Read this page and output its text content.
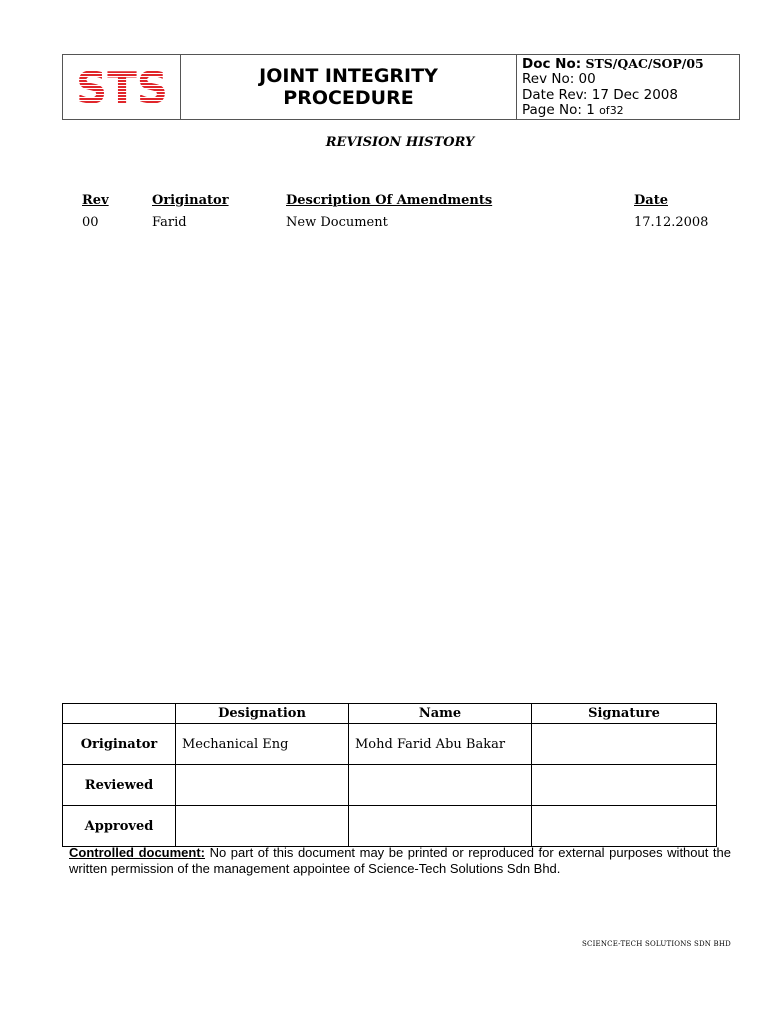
STS	JOINT INTEGRITY
PROCEDURE

Doc No: STS/QAC/SOP/05
Rev No: 00
Date Rev: 17 Dec 2008
Page No: 1 of32
REVISION HISTORY
Rev	Originator	Description Of Amendments	Date
00	Farid	New Document	17.12.2008
	Designation	Name	Signature
Originator	Mechanical Eng	Mohd Farid Abu Bakar	
Reviewed			
Approved			
Controlled document: No part of this document may be printed or reproduced for external purposes without the written permission of the management appointee of Science-Tech Solutions Sdn Bhd.
SCIENCE-TECH SOLUTIONS SDN BHD
